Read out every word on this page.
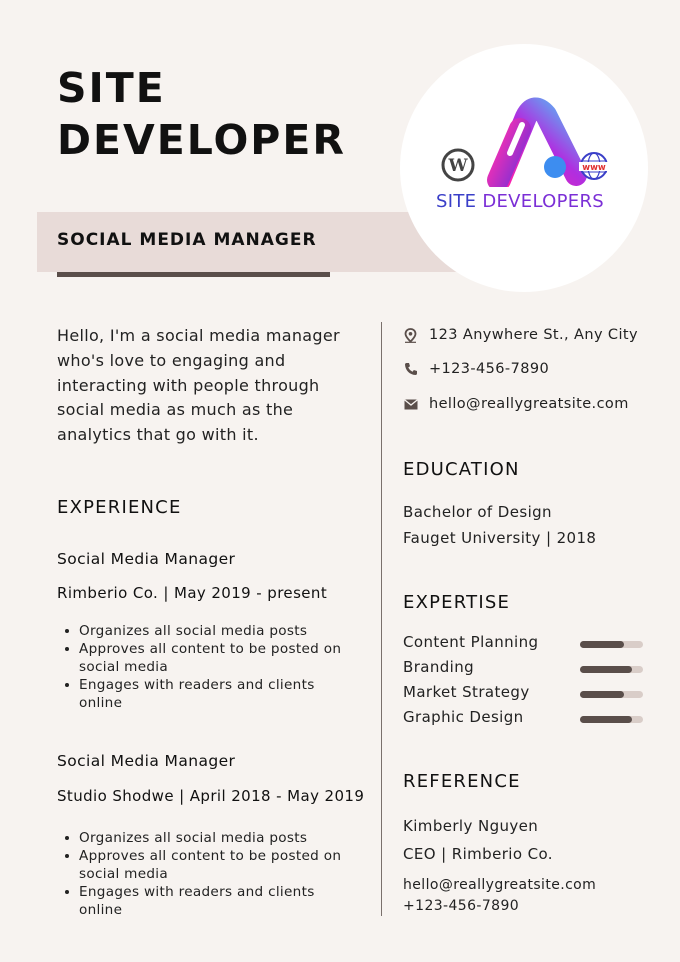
SITE
DEVELOPER
SOCIAL MEDIA MANAGER
W	www
SITE DEVELOPERS

Hello, I'm a social media manager who's love to engaging and interacting with people through social media as much as the analytics that go with it.

EXPERIENCE
Social Media Manager
Rimberio Co. | May 2019 - present
Organizes all social media posts
Approves all content to be posted on social media
Engages with readers and clients online
Social Media Manager
Studio Shodwe | April 2018 - May 2019
Organizes all social media posts
Approves all content to be posted on social media
Engages with readers and clients online
123 Anywhere St., Any City
+123-456-7890
hello@reallygreatsite.com
EDUCATION
Bachelor of Design
Fauget University | 2018
EXPERTISE
Content Planning
Branding
Market Strategy
Graphic Design
REFERENCE
Kimberly Nguyen
CEO | Rimberio Co.
hello@reallygreatsite.com
+123-456-7890
